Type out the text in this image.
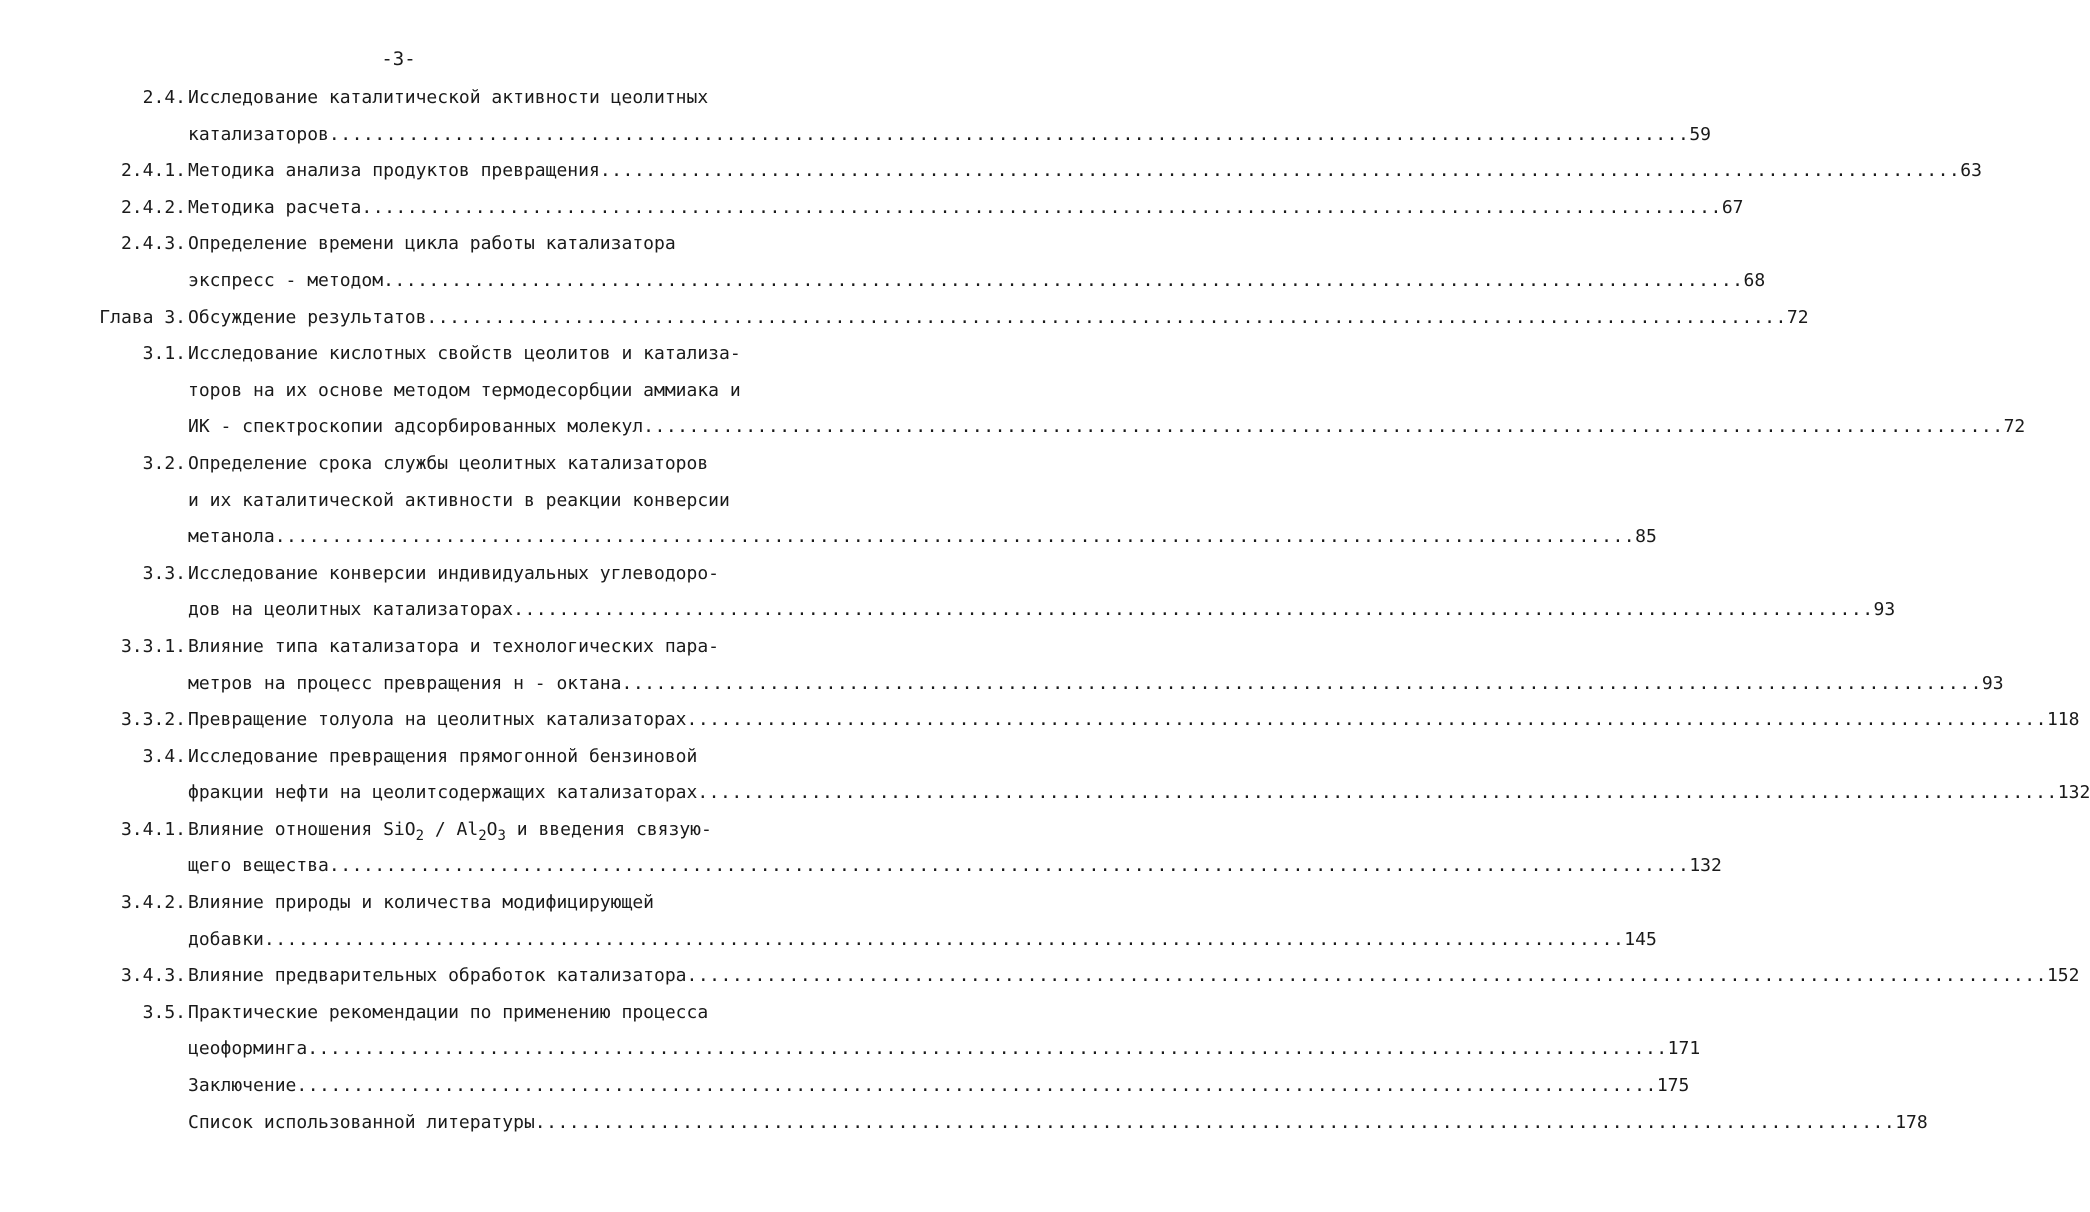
-3-
2.4. Исследование каталитической активности цеолитных
катализаторов ........................................................................................................................ 59
2.4.1. Методика анализа продуктов превращения ........................................................................................................................ 63
2.4.2. Методика расчета ........................................................................................................................ 67
2.4.3. Определение времени цикла работы катализатора
экспресс - методом ........................................................................................................................ 68
Глава 3. Обсуждение результатов ........................................................................................................................ 72
3.1. Исследование кислотных свойств цеолитов и катализа-
торов на их основе методом термодесорбции аммиака и
ИК - спектроскопии адсорбированных молекул ........................................................................................................................ 72
3.2. Определение срока службы цеолитных катализаторов
и их каталитической активности в реакции конверсии
метанола ........................................................................................................................ 85
3.3. Исследование конверсии индивидуальных углеводоро-
дов на цеолитных катализаторах ........................................................................................................................ 93
3.3.1. Влияние типа катализатора и технологических пара-
метров на процесс превращения н - октана ........................................................................................................................ 93
3.3.2. Превращение толуола на цеолитных катализаторах ........................................................................................................................ 118
3.4. Исследование превращения прямогонной бензиновой
фракции нефти на цеолитсодержащих катализаторах ........................................................................................................................ 132
3.4.1. Влияние отношения $SiO_2 / Al_2O_3$ и введения связую-
щего вещества ........................................................................................................................ 132
3.4.2. Влияние природы и количества модифицирующей
добавки ........................................................................................................................ 145
3.4.3. Влияние предварительных обработок катализатора ........................................................................................................................ 152
3.5. Практические рекомендации по применению процесса
цеоформинга ........................................................................................................................ 171
Заключение ........................................................................................................................ 175
Список использованной литературы ........................................................................................................................ 178
